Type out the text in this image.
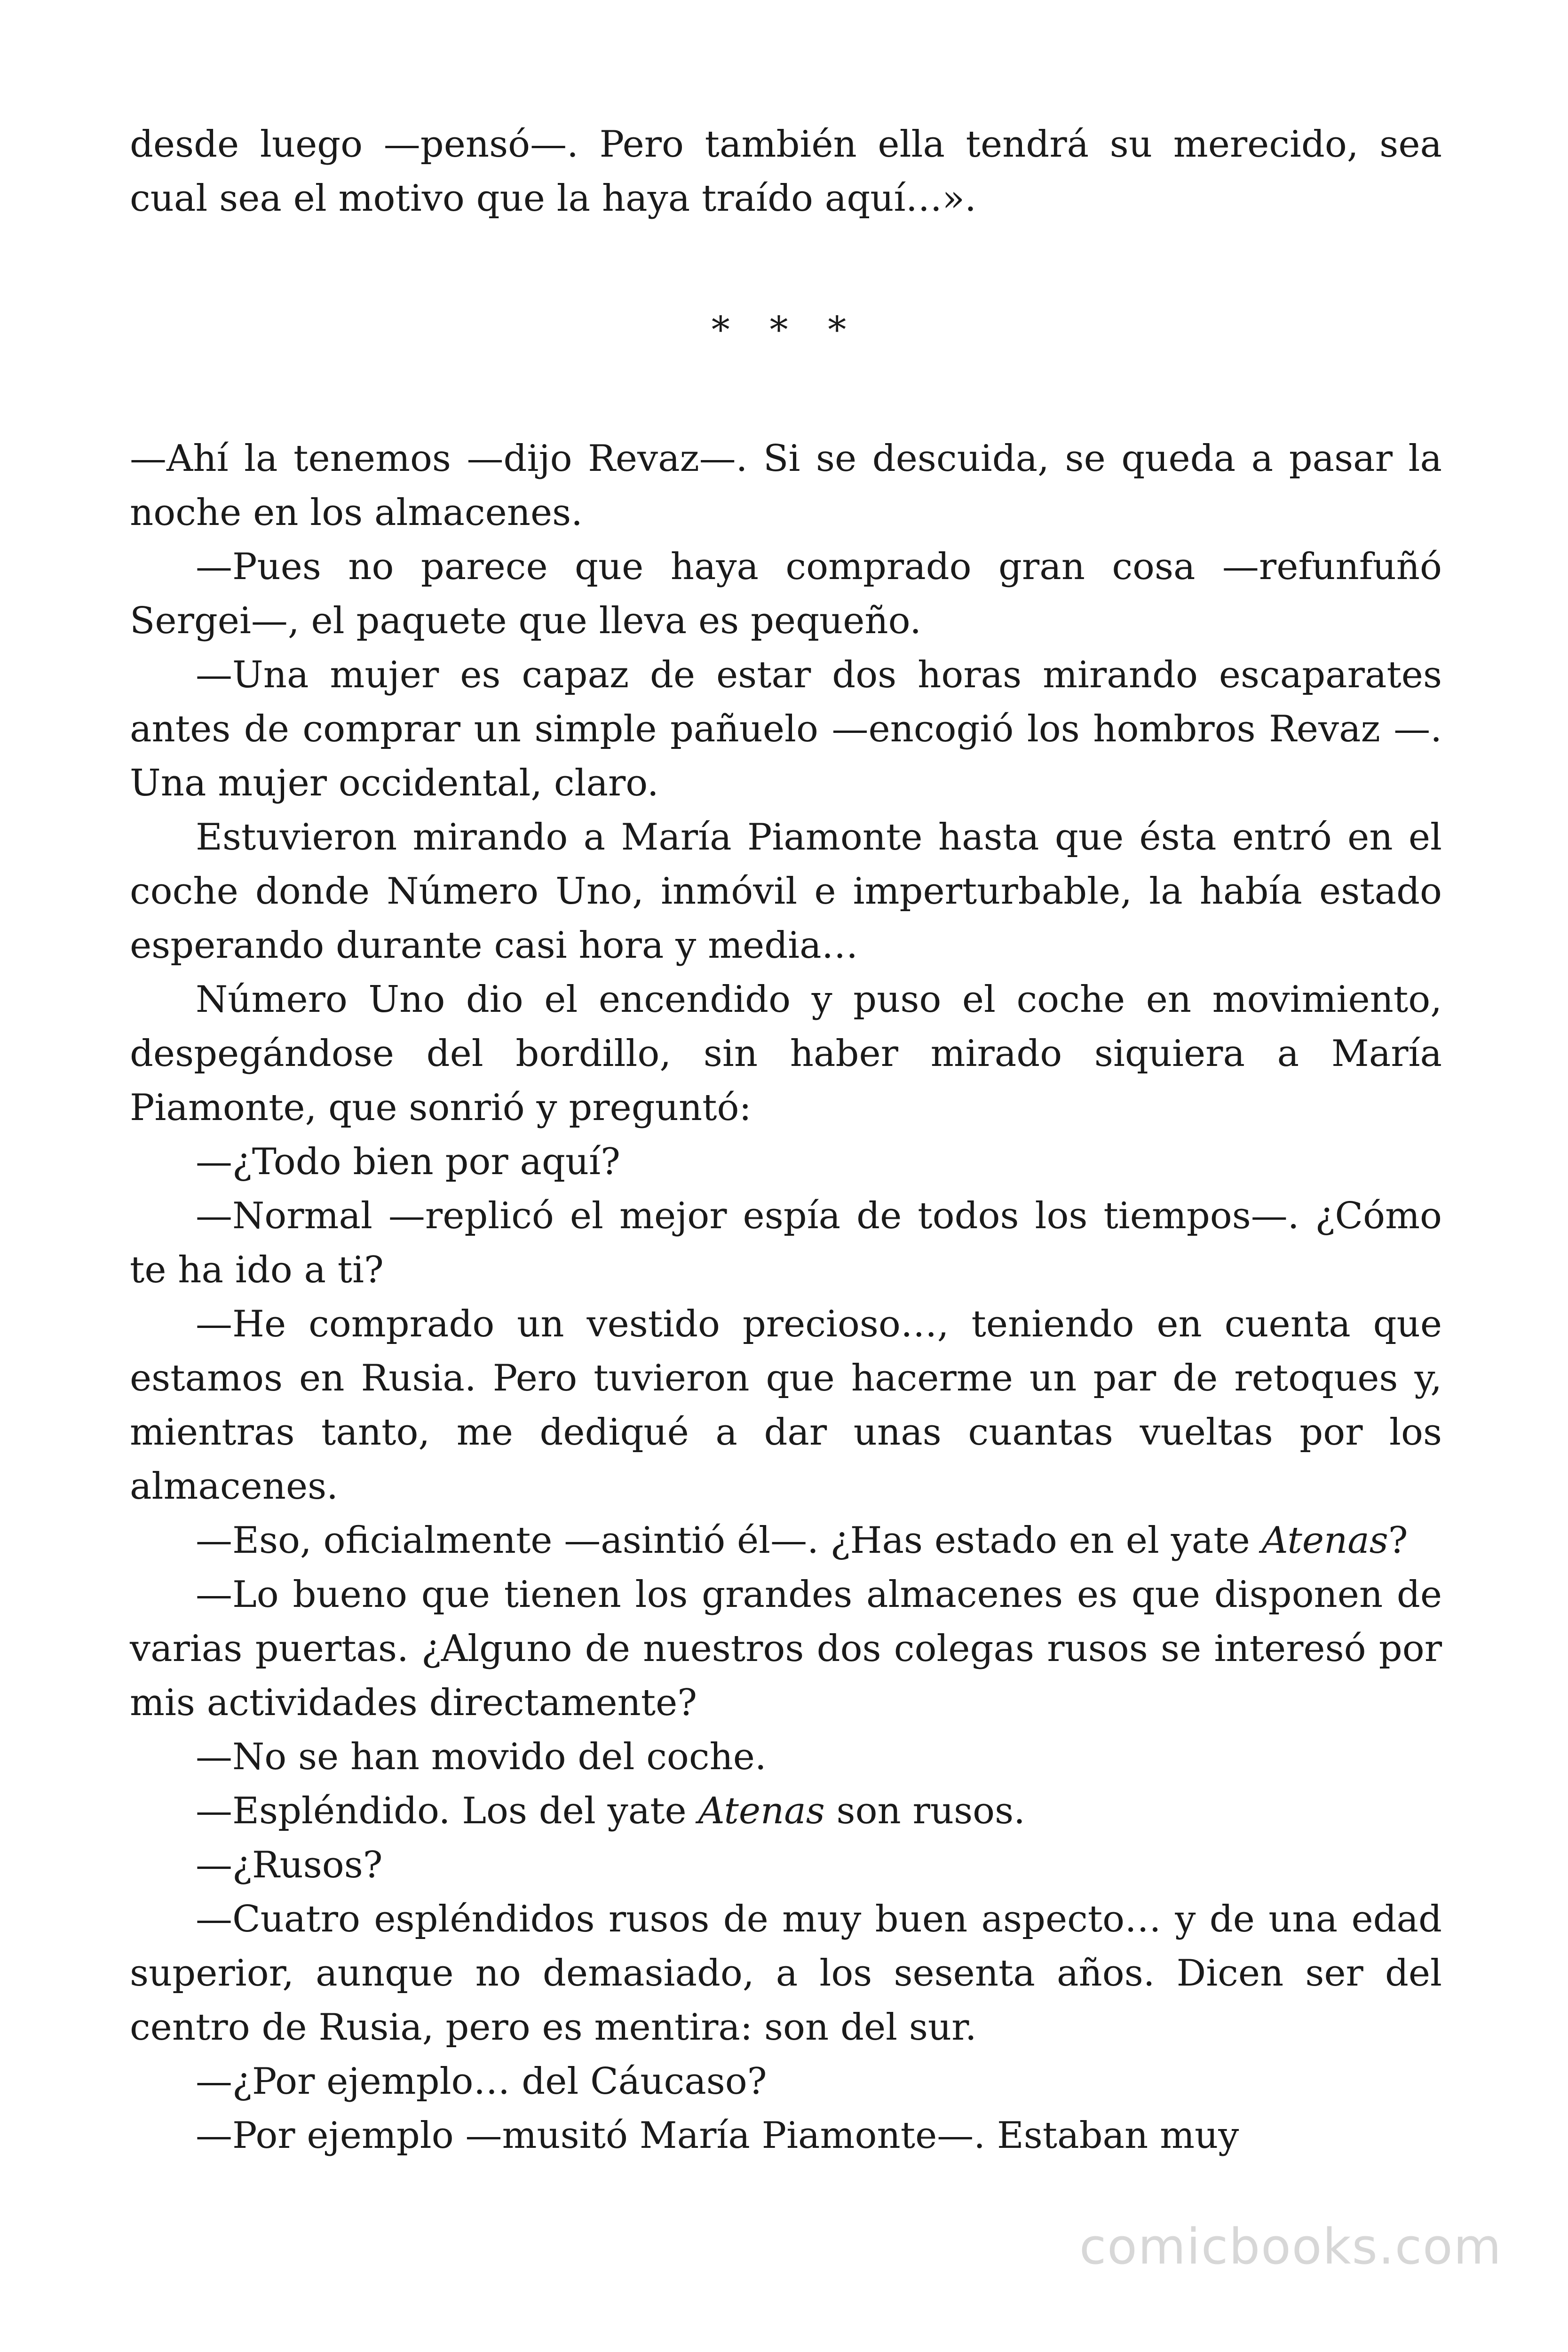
desde luego —pensó—. Pero también ella tendrá su merecido, sea cual sea el motivo que la haya traído aquí…».

* * *

—Ahí la tenemos —dijo Revaz—. Si se descuida, se queda a pasar la noche en los almacenes.

—Pues no parece que haya comprado gran cosa —refunfuñó Sergei—, el paquete que lleva es pequeño.

—Una mujer es capaz de estar dos horas mirando escaparates antes de comprar un simple pañuelo —encogió los hombros Revaz —. Una mujer occidental, claro.

Estuvieron mirando a María Piamonte hasta que ésta entró en el coche donde Número Uno, inmóvil e imperturbable, la había estado esperando durante casi hora y media…

Número Uno dio el encendido y puso el coche en movimiento, despegándose del bordillo, sin haber mirado siquiera a María Piamonte, que sonrió y preguntó:

—¿Todo bien por aquí?

—Normal —replicó el mejor espía de todos los tiempos—. ¿Cómo te ha ido a ti?

—He comprado un vestido precioso…, teniendo en cuenta que estamos en Rusia. Pero tuvieron que hacerme un par de retoques y, mientras tanto, me dediqué a dar unas cuantas vueltas por los almacenes.

—Eso, oficialmente —asintió él—. ¿Has estado en el yate Atenas?

—Lo bueno que tienen los grandes almacenes es que disponen de varias puertas. ¿Alguno de nuestros dos colegas rusos se interesó por mis actividades directamente?

—No se han movido del coche.

—Espléndido. Los del yate Atenas son rusos.

—¿Rusos?

—Cuatro espléndidos rusos de muy buen aspecto… y de una edad superior, aunque no demasiado, a los sesenta años. Dicen ser del centro de Rusia, pero es mentira: son del sur.

—¿Por ejemplo… del Cáucaso?

—Por ejemplo —musitó María Piamonte—. Estaban muy

comicbooks.com
